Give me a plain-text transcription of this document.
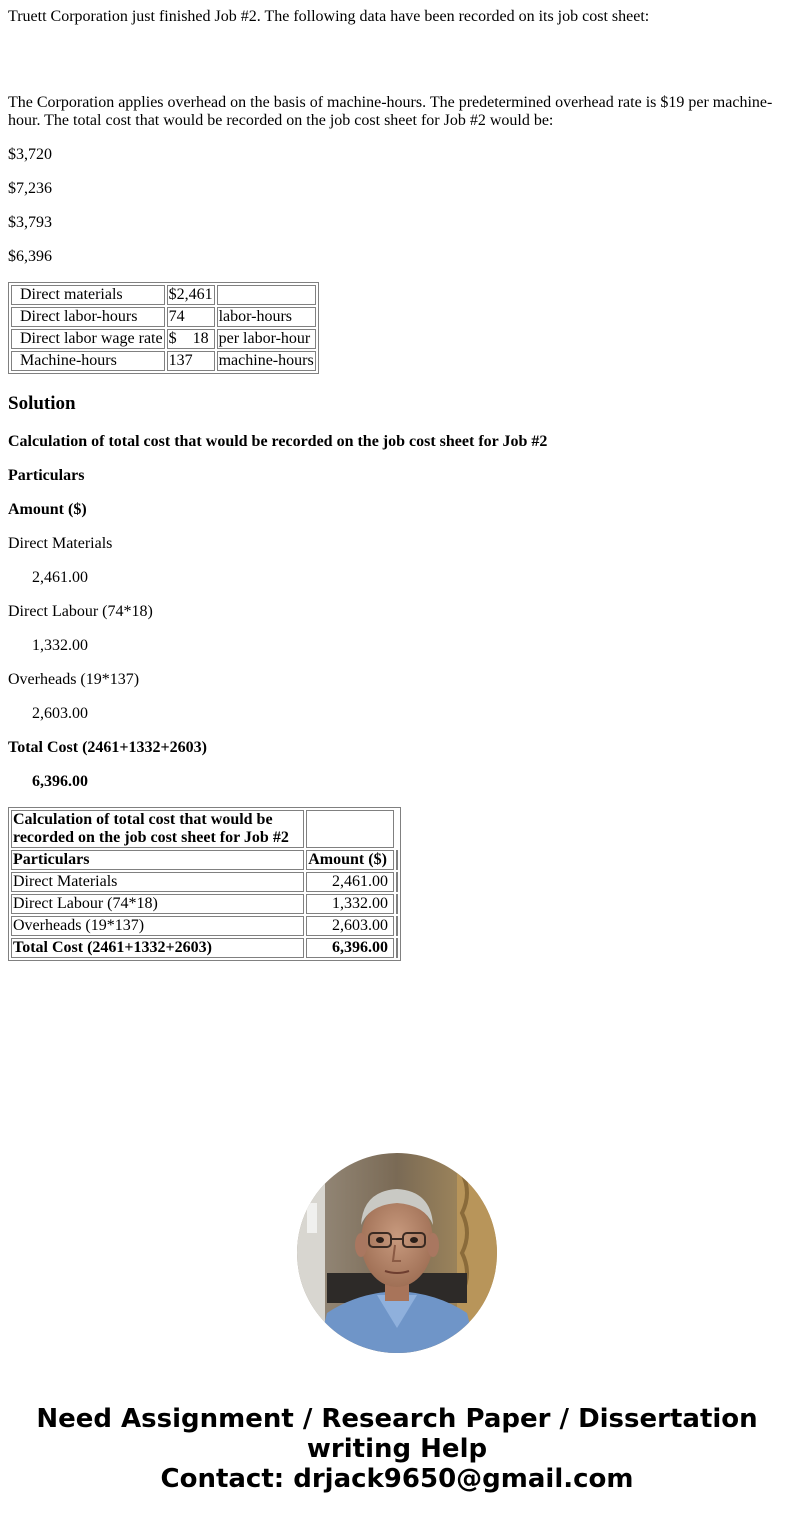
Truett Corporation just finished Job #2. The following data have been recorded on its job cost sheet:

The Corporation applies overhead on the basis of machine-hours. The predetermined overhead rate is $19 per machine-hour. The total cost that would be recorded on the job cost sheet for Job #2 would be:

$3,720

$7,236

$3,793

$6,396

Direct materials	$2,461	
Direct labor-hours	74	labor-hours
Direct labor wage rate	$    18	per labor-hour
Machine-hours	137	machine-hours
Solution

Calculation of total cost that would be recorded on the job cost sheet for Job #2

Particulars

Amount ($)

Direct Materials

2,461.00

Direct Labour (74*18)

1,332.00

Overheads (19*137)

2,603.00

Total Cost (2461+1332+2603)

6,396.00

Calculation of total cost that would be recorded on the job cost sheet for Job #2		
Particulars	Amount ($)	
Direct Materials	2,461.00	
Direct Labour (74*18)	1,332.00	
Overheads (19*137)	2,603.00	
Total Cost (2461+1332+2603)	6,396.00	
Need Assignment / Research Paper / Dissertation
writing Help
Contact: drjack9650@gmail.com
